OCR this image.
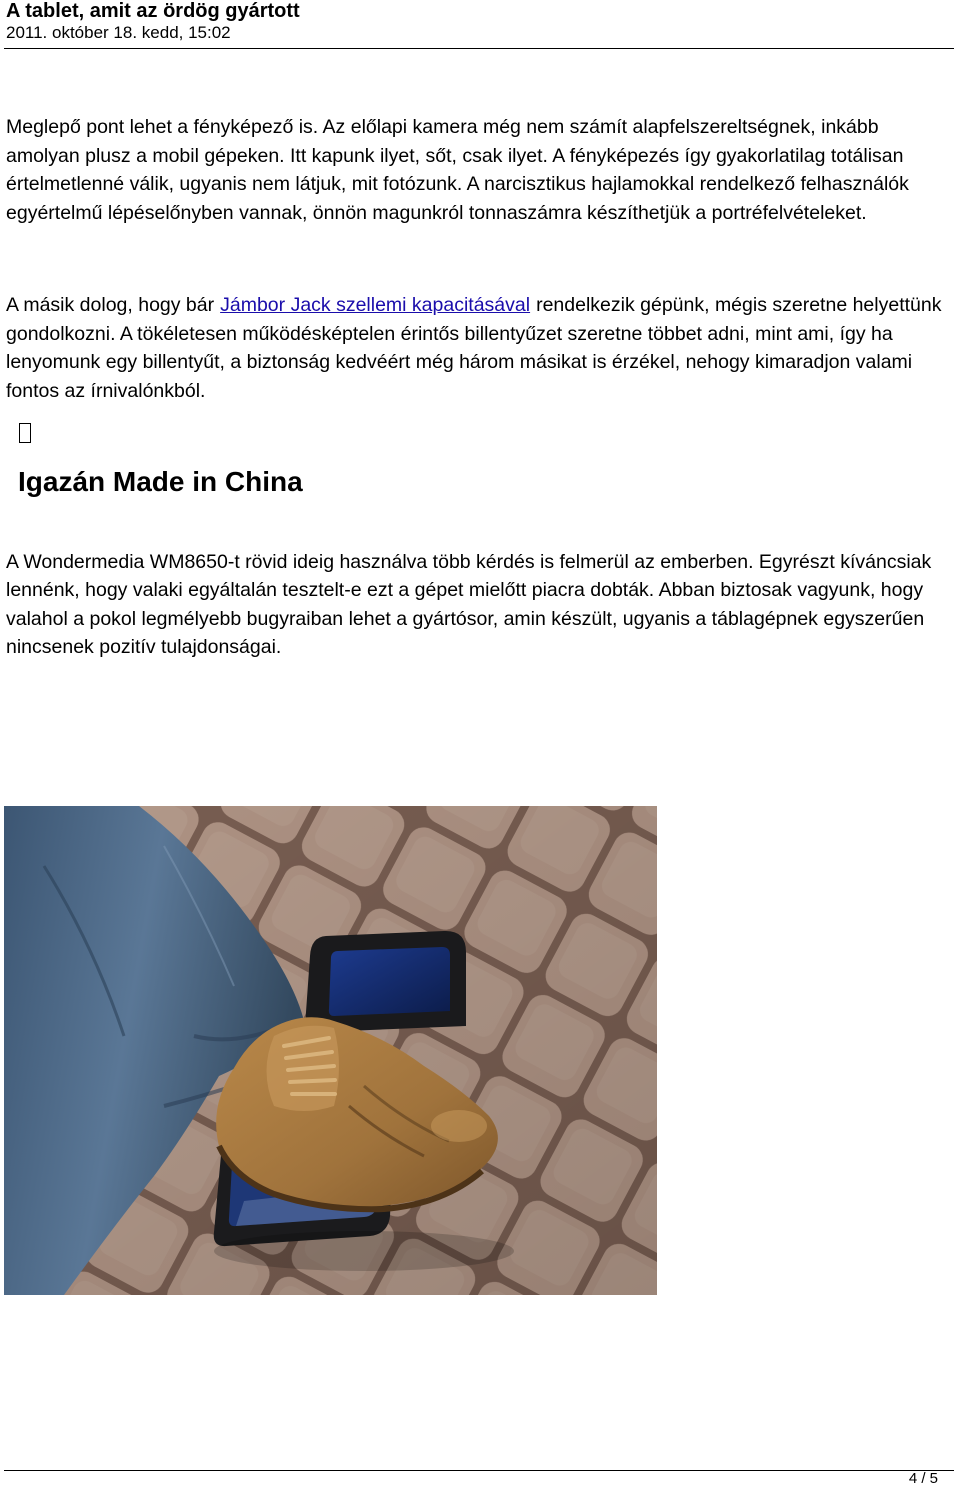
A tablet, amit az ördög gyártott
2011. október 18. kedd, 15:02

Meglepő pont lehet a fényképező is. Az előlapi kamera még nem számít alapfelszereltségnek, inkább amolyan plusz a mobil gépeken. Itt kapunk ilyet, sőt, csak ilyet. A fényképezés így gyakorlatilag totálisan értelmetlenné válik, ugyanis nem látjuk, mit fotózunk. A narcisztikus hajlamokkal rendelkező felhasználók egyértelmű lépéselőnyben vannak, önnön magunkról tonnaszámra készíthetjük a portréfelvételeket.

A másik dolog, hogy bár Jámbor Jack szellemi kapacitásával rendelkezik gépünk, mégis szeretne helyettünk gondolkozni. A tökéletesen működésképtelen érintős billentyűzet szeretne többet adni, mint ami, így ha lenyomunk egy billentyűt, a biztonság kedvéért még három másikat is érzékel, nehogy kimaradjon valami fontos az írnivalónkból.

Igazán Made in China

A Wondermedia WM8650-t rövid ideig használva több kérdés is felmerül az emberben. Egyrészt kíváncsiak lennénk, hogy valaki egyáltalán tesztelt-e ezt a gépet mielőtt piacra dobták. Abban biztosak vagyunk, hogy valahol a pokol legmélyebb bugyraiban lehet a gyártósor, amin készült, ugyanis a táblagépnek egyszerűen nincsenek pozitív tulajdonságai.

4 / 5
